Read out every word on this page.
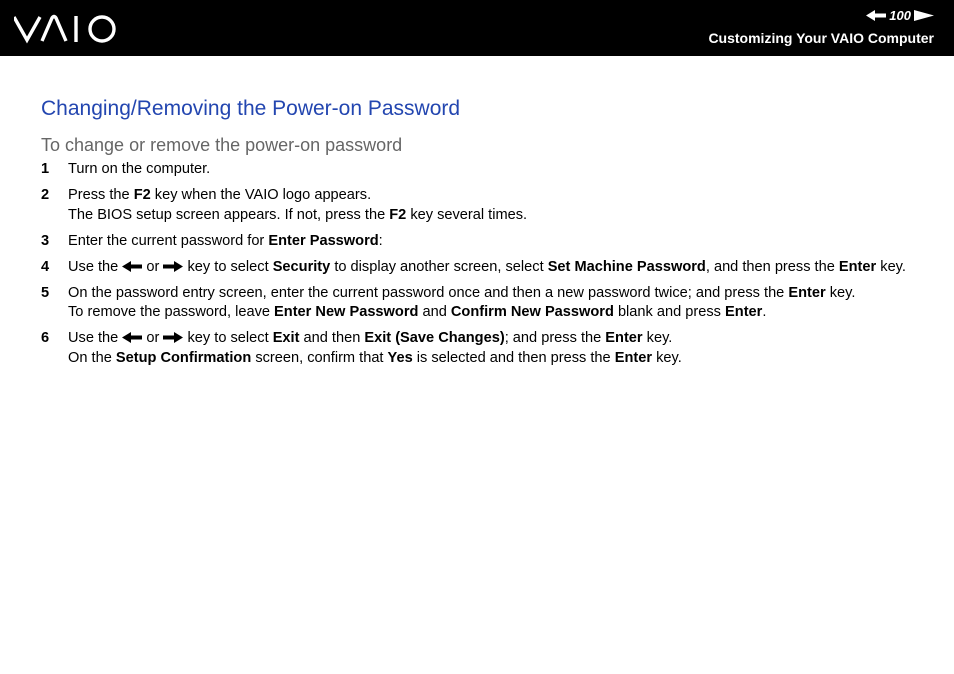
100
Customizing Your VAIO Computer
Changing/Removing the Power-on Password
To change or remove the power-on password
1	Turn on the computer.
2	Press the F2 key when the VAIO logo appears.
The BIOS setup screen appears. If not, press the F2 key several times.
3	Enter the current password for Enter Password:
4	Use the  or  key to select Security to display another screen, select Set Machine Password, and then press the Enter key.
5	On the password entry screen, enter the current password once and then a new password twice; and press the Enter key.
To remove the password, leave Enter New Password and Confirm New Password blank and press Enter.
6	Use the  or  key to select Exit and then Exit (Save Changes); and press the Enter key.
On the Setup Confirmation screen, confirm that Yes is selected and then press the Enter key.
